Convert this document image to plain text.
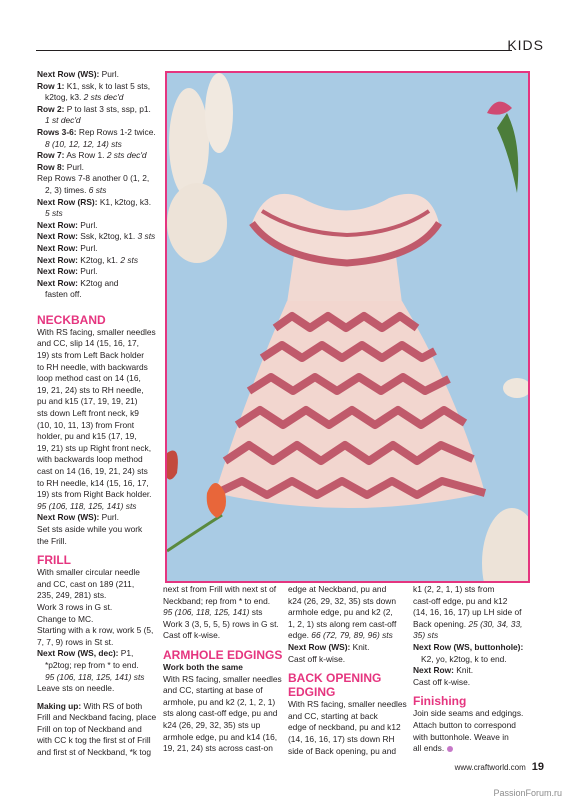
KIDS

Next Row (WS): Purl.

Row 1: K1, ssk, k to last 5 sts,

k2tog, k3. 2 sts dec'd

Row 2: P to last 3 sts, ssp, p1.

1 st dec'd

Rows 3-6: Rep Rows 1-2 twice.

8 (10, 12, 12, 14) sts

Row 7: As Row 1. 2 sts dec'd

Row 8: Purl.

Rep Rows 7-8 another 0 (1, 2,

2, 3) times. 6 sts

Next Row (RS): K1, k2tog, k3.

5 sts

Next Row: Purl.

Next Row: Ssk, k2tog, k1. 3 sts

Next Row: Purl.

Next Row: K2tog, k1. 2 sts

Next Row: Purl.

Next Row: K2tog and

fasten off.

NECKBAND

With RS facing, smaller needles

and CC, slip 14 (15, 16, 17,

19) sts from Left Back holder

to RH needle, with backwards

loop method cast on 14 (16,

19, 21, 24) sts to RH needle,

pu and k15 (17, 19, 19, 21)

sts down Left front neck, k9

(10, 10, 11, 13) from Front

holder, pu and k15 (17, 19,

19, 21) sts up Right front neck,

with backwards loop method

cast on 14 (16, 19, 21, 24) sts

to RH needle, k14 (15, 16, 17,

19) sts from Right Back holder.

95 (106, 118, 125, 141) sts

Next Row (WS): Purl.

Set sts aside while you work

the Frill.

FRILL

With smaller circular needle

and CC, cast on 189 (211,

235, 249, 281) sts.

Work 3 rows in G st.

Change to MC.

Starting with a k row, work 5 (5,

7, 7, 9) rows in St st.

Next Row (WS, dec): P1,

*p2tog; rep from * to end.

95 (106, 118, 125, 141) sts

Leave sts on needle.

Making up: With RS of both

Frill and Neckband facing, place

Frill on top of Neckband and

with CC k tog the first st of Frill

and first st of Neckband, *k tog

next st from Frill with next st of

Neckband; rep from * to end.

95 (106, 118, 125, 141) sts

Work 3 (3, 5, 5, 5) rows in G st.

Cast off k-wise.

ARMHOLE EDGINGS

Work both the same

With RS facing, smaller needles

and CC, starting at base of

armhole, pu and k2 (2, 1, 2, 1)

sts along cast-off edge, pu and

k24 (26, 29, 32, 35) sts up

armhole edge, pu and k14 (16,

19, 21, 24) sts across cast-on

edge at Neckband, pu and

k24 (26, 29, 32, 35) sts down

armhole edge, pu and k2 (2,

1, 2, 1) sts along rem cast-off

edge. 66 (72, 79, 89, 96) sts

Next Row (WS): Knit.

Cast off k-wise.

BACK OPENING
EDGING

With RS facing, smaller needles

and CC, starting at back

edge of neckband, pu and k12

(14, 16, 16, 17) sts down RH

side of Back opening, pu and

k1 (2, 2, 1, 1) sts from

cast-off edge, pu and k12

(14, 16, 16, 17) up LH side of

Back opening. 25 (30, 34, 33,

35) sts

Next Row (WS, buttonhole):

K2, yo, k2tog, k to end.

Next Row: Knit.

Cast off k-wise.

Finishing

Join side seams and edgings.

Attach button to correspond

with buttonhole. Weave in

all ends.

www.craftworld.com 19
PassionForum.ru
